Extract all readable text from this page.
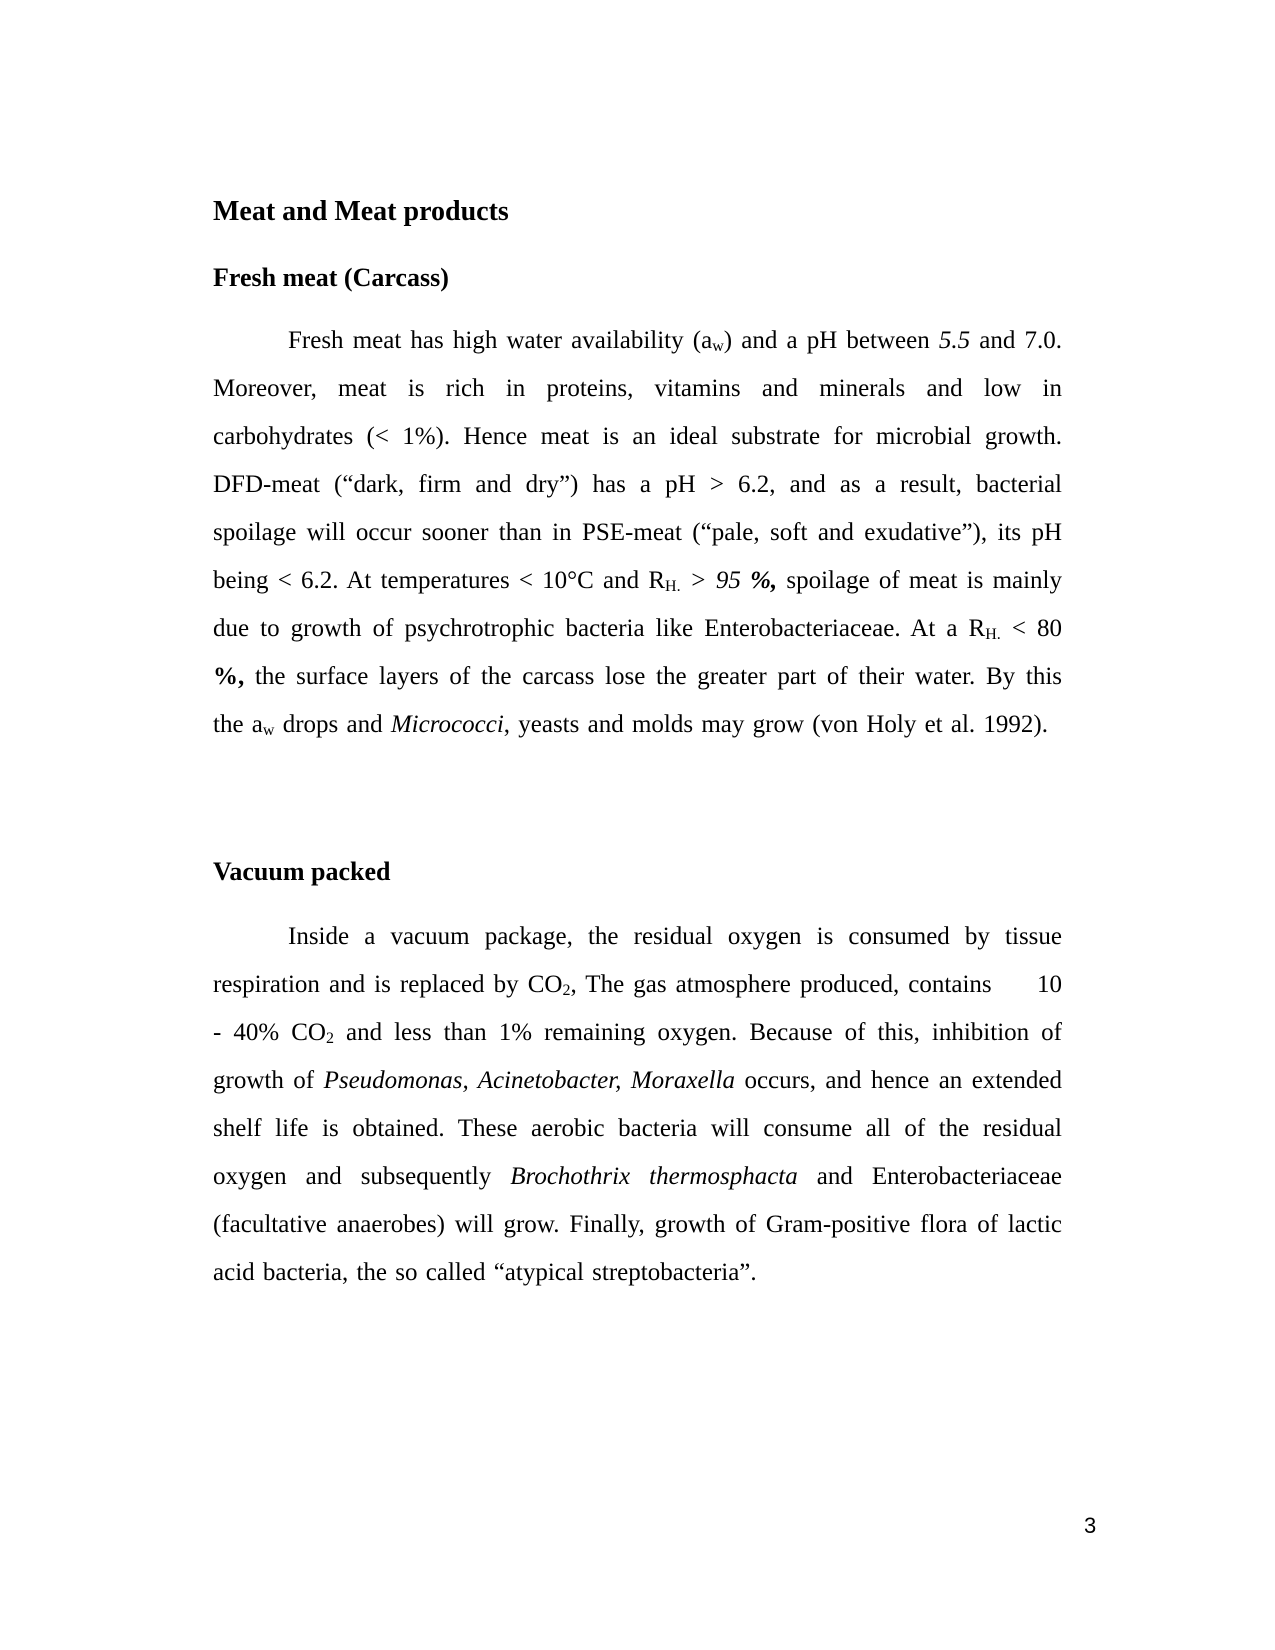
Meat and Meat products
Fresh meat (Carcass)

Fresh meat has high water availability $(a_w)$ and a pH between 5.5 and 7.0. Moreover, meat is rich in proteins, vitamins and minerals and low in carbohydrates (< 1%). Hence meat is an ideal substrate for microbial growth. DFD-meat (“dark, firm and dry”) has a pH > 6.2, and as a result, bacterial spoilage will occur sooner than in PSE-meat (“pale, soft and exudative”), its pH being < 6.2. At temperatures < 10°C and $R_{H.} > 95$ %, spoilage of meat is mainly due to growth of psychrotrophic bacteria like Enterobacteriaceae. At a $R_{H.} < 80$ %, the surface layers of the carcass lose the greater part of their water. By this the $a_w$ drops and Micrococci, yeasts and molds may grow (von Holy et al. 1992).

Vacuum packed

Inside a vacuum package, the residual oxygen is consumed by tissue respiration and is replaced by $CO_2$, The gas atmosphere produced, contains     10 - 40% $CO_2$ and less than 1% remaining oxygen. Because of this, inhibition of growth of Pseudomonas, Acinetobacter, Moraxella occurs, and hence an extended shelf life is obtained. These aerobic bacteria will consume all of the residual oxygen and subsequently Brochothrix thermosphacta and Enterobacteriaceae (facultative anaerobes) will grow. Finally, growth of Gram-positive flora of lactic acid bacteria, the so called “atypical streptobacteria”.

3
